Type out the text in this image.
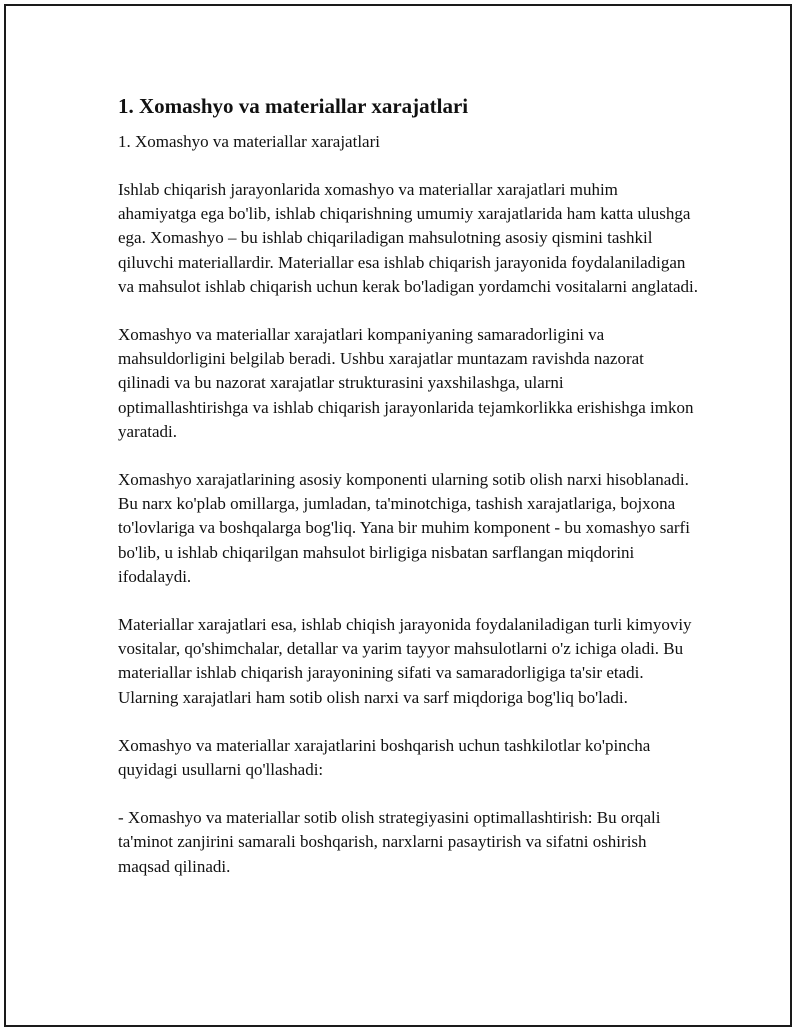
1. Xomashyo va materiallar xarajatlari

1. Xomashyo va materiallar xarajatlari

Ishlab chiqarish jarayonlarida xomashyo va materiallar xarajatlari muhim ahamiyatga ega bo'lib, ishlab chiqarishning umumiy xarajatlarida ham katta ulushga ega. Xomashyo – bu ishlab chiqariladigan mahsulotning asosiy qismini tashkil qiluvchi materiallardir. Materiallar esa ishlab chiqarish jarayonida foydalaniladigan va mahsulot ishlab chiqarish uchun kerak bo'ladigan yordamchi vositalarni anglatadi.

Xomashyo va materiallar xarajatlari kompaniyaning samaradorligini va mahsuldorligini belgilab beradi. Ushbu xarajatlar muntazam ravishda nazorat qilinadi va bu nazorat xarajatlar strukturasini yaxshilashga, ularni optimallashtirishga va ishlab chiqarish jarayonlarida tejamkorlikka erishishga imkon yaratadi.

Xomashyo xarajatlarining asosiy komponenti ularning sotib olish narxi hisoblanadi. Bu narx ko'plab omillarga, jumladan, ta'minotchiga, tashish xarajatlariga, bojxona to'lovlariga va boshqalarga bog'liq. Yana bir muhim komponent - bu xomashyo sarfi bo'lib, u ishlab chiqarilgan mahsulot birligiga nisbatan sarflangan miqdorini ifodalaydi.

Materiallar xarajatlari esa, ishlab chiqish jarayonida foydalaniladigan turli kimyoviy vositalar, qo'shimchalar, detallar va yarim tayyor mahsulotlarni o'z ichiga oladi. Bu materiallar ishlab chiqarish jarayonining sifati va samaradorligiga ta'sir etadi. Ularning xarajatlari ham sotib olish narxi va sarf miqdoriga bog'liq bo'ladi.

Xomashyo va materiallar xarajatlarini boshqarish uchun tashkilotlar ko'pincha quyidagi usullarni qo'llashadi:

- Xomashyo va materiallar sotib olish strategiyasini optimallashtirish: Bu orqali ta'minot zanjirini samarali boshqarish, narxlarni pasaytirish va sifatni oshirish maqsad qilinadi.
